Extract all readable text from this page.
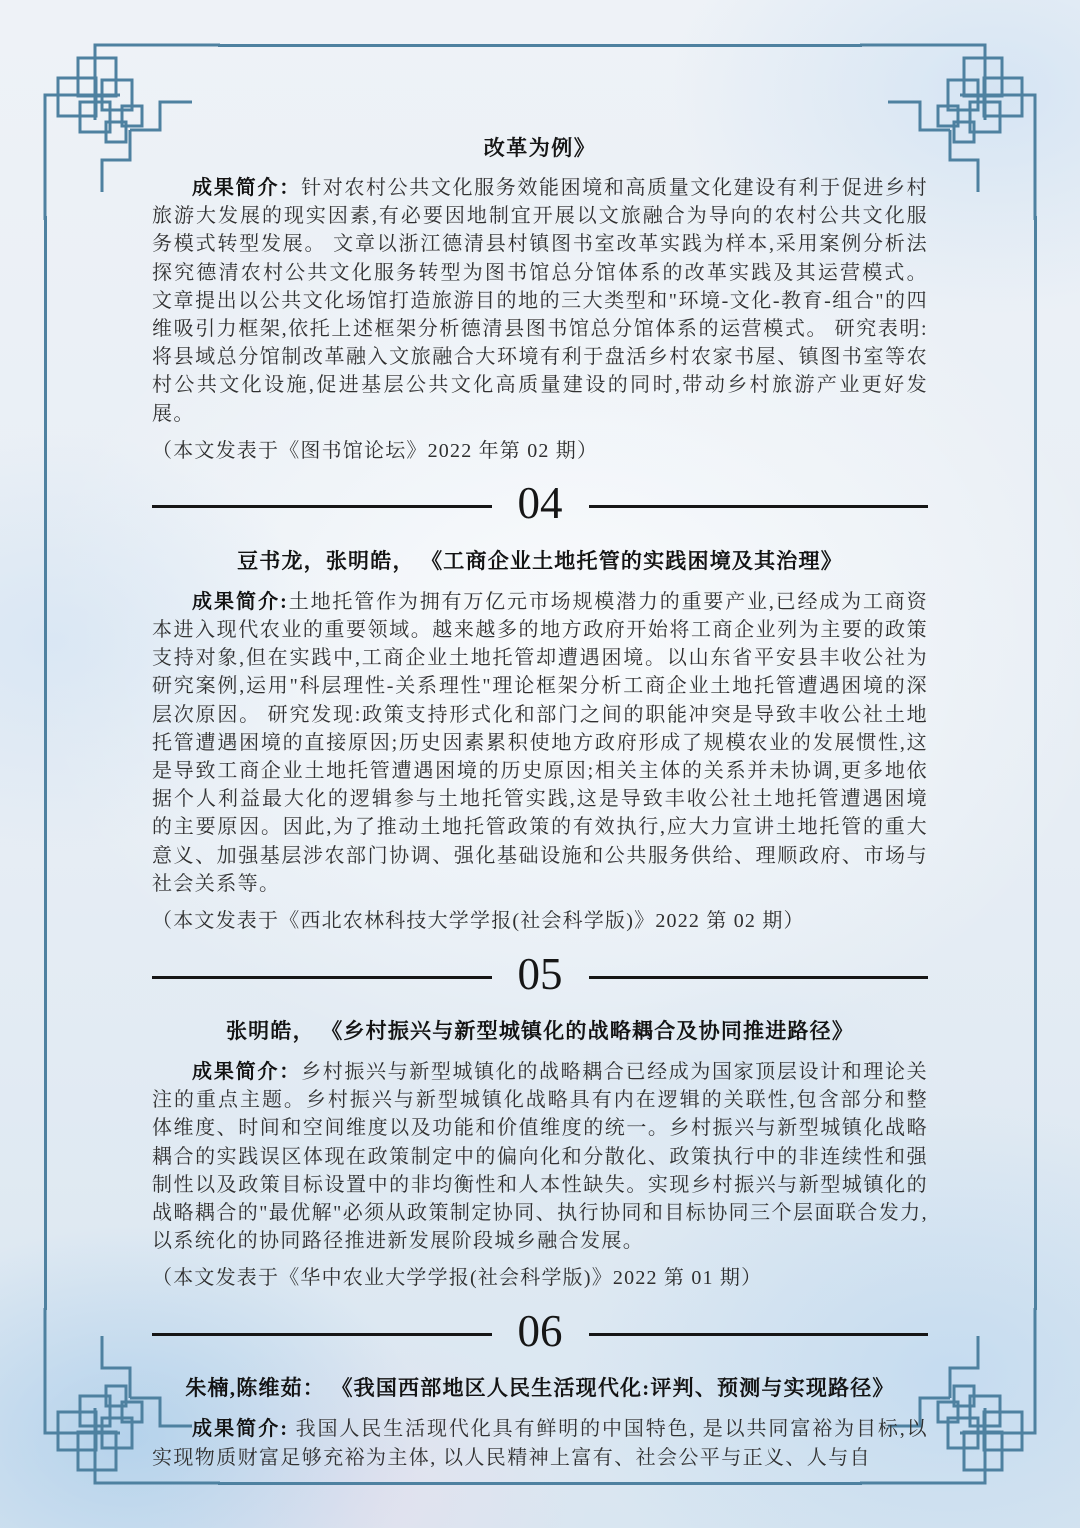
改革为例》

成果简介：针对农村公共文化服务效能困境和高质量文化建设有利于促进乡村旅游大发展的现实因素,有必要因地制宜开展以文旅融合为导向的农村公共文化服务模式转型发展。 文章以浙江德清县村镇图书室改革实践为样本,采用案例分析法探究德清农村公共文化服务转型为图书馆总分馆体系的改革实践及其运营模式。 文章提出以公共文化场馆打造旅游目的地的三大类型和"环境-文化-教育-组合"的四维吸引力框架,依托上述框架分析德清县图书馆总分馆体系的运营模式。 研究表明:将县域总分馆制改革融入文旅融合大环境有利于盘活乡村农家书屋、镇图书室等农村公共文化设施,促进基层公共文化高质量建设的同时,带动乡村旅游产业更好发展。

（本文发表于《图书馆论坛》2022 年第 02 期）

04
豆书龙，张明皓， 《工商企业土地托管的实践困境及其治理》

成果简介:土地托管作为拥有万亿元市场规模潜力的重要产业,已经成为工商资本进入现代农业的重要领域。越来越多的地方政府开始将工商企业列为主要的政策支持对象,但在实践中,工商企业土地托管却遭遇困境。以山东省平安县丰收公社为研究案例,运用"科层理性-关系理性"理论框架分析工商企业土地托管遭遇困境的深层次原因。 研究发现:政策支持形式化和部门之间的职能冲突是导致丰收公社土地托管遭遇困境的直接原因;历史因素累积使地方政府形成了规模农业的发展惯性,这是导致工商企业土地托管遭遇困境的历史原因;相关主体的关系并未协调,更多地依据个人利益最大化的逻辑参与土地托管实践,这是导致丰收公社土地托管遭遇困境的主要原因。因此,为了推动土地托管政策的有效执行,应大力宣讲土地托管的重大意义、加强基层涉农部门协调、强化基础设施和公共服务供给、理顺政府、市场与社会关系等。

（本文发表于《西北农林科技大学学报(社会科学版)》2022 第 02 期）

05
张明皓， 《乡村振兴与新型城镇化的战略耦合及协同推进路径》

成果简介：乡村振兴与新型城镇化的战略耦合已经成为国家顶层设计和理论关注的重点主题。乡村振兴与新型城镇化战略具有内在逻辑的关联性,包含部分和整体维度、时间和空间维度以及功能和价值维度的统一。乡村振兴与新型城镇化战略耦合的实践误区体现在政策制定中的偏向化和分散化、政策执行中的非连续性和强制性以及政策目标设置中的非均衡性和人本性缺失。实现乡村振兴与新型城镇化的战略耦合的"最优解"必须从政策制定协同、执行协同和目标协同三个层面联合发力,以系统化的协同路径推进新发展阶段城乡融合发展。

（本文发表于《华中农业大学学报(社会科学版)》2022 第 01 期）

06
朱楠,陈维茹： 《我国西部地区人民生活现代化:评判、预测与实现路径》

成果简介: 我国人民生活现代化具有鲜明的中国特色, 是以共同富裕为目标,以实现物质财富足够充裕为主体, 以人民精神上富有、社会公平与正义、人与自
